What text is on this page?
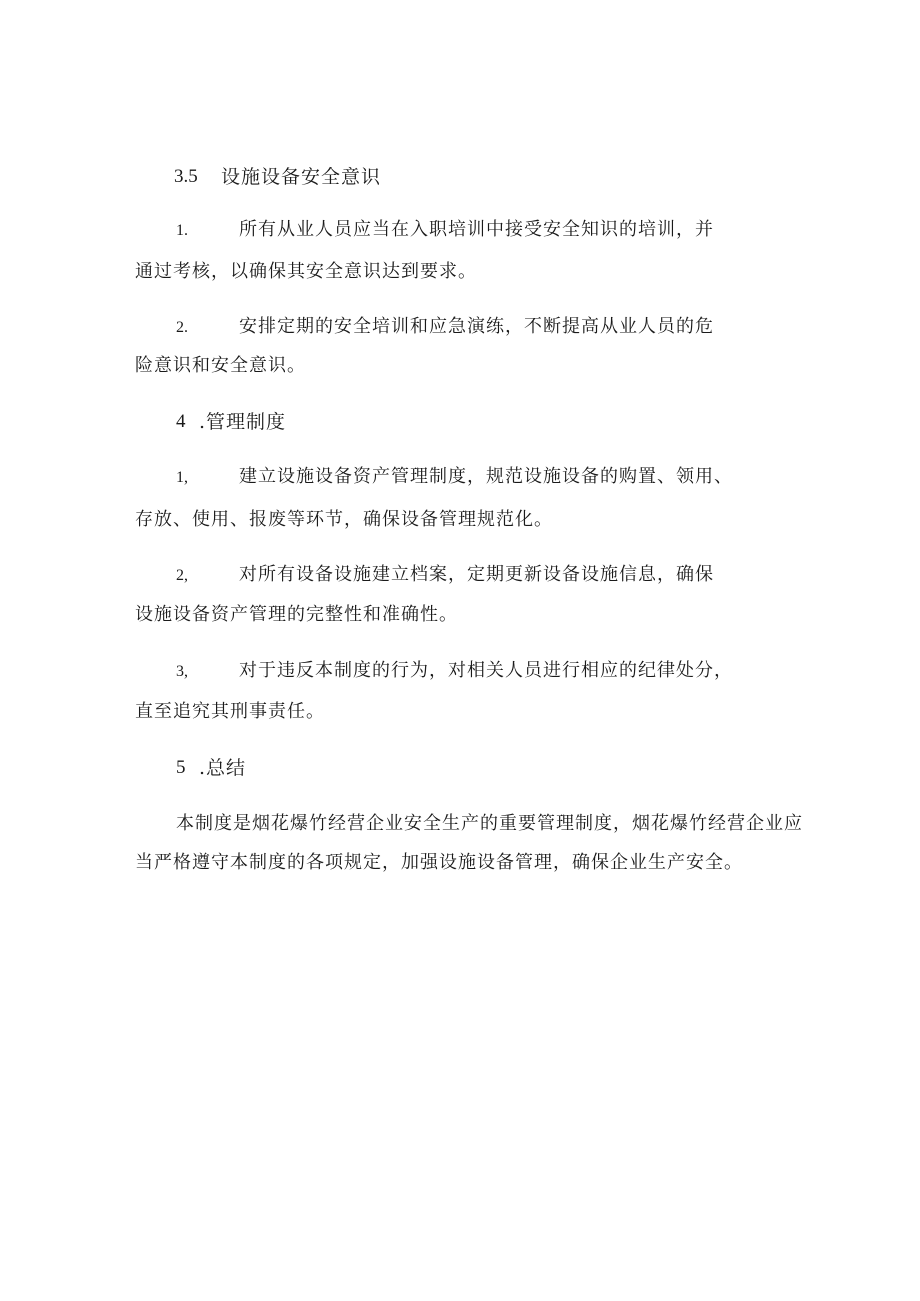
3.5 设施设备安全意识
1.	所有从业人员应当在入职培训中接受安全知识的培训，并
通过考核，以确保其安全意识达到要求。
2.	安排定期的安全培训和应急演练，不断提高从业人员的危
险意识和安全意识。
4 .管理制度
1,	建立设施设备资产管理制度，规范设施设备的购置、领用、
存放、使用、报废等环节，确保设备管理规范化。
2,	对所有设备设施建立档案，定期更新设备设施信息，确保
设施设备资产管理的完整性和准确性。
3,	对于违反本制度的行为，对相关人员进行相应的纪律处分，
直至追究其刑事责任。
5 .总结
本制度是烟花爆竹经营企业安全生产的重要管理制度，烟花爆竹经营企业应
当严格遵守本制度的各项规定，加强设施设备管理，确保企业生产安全。
